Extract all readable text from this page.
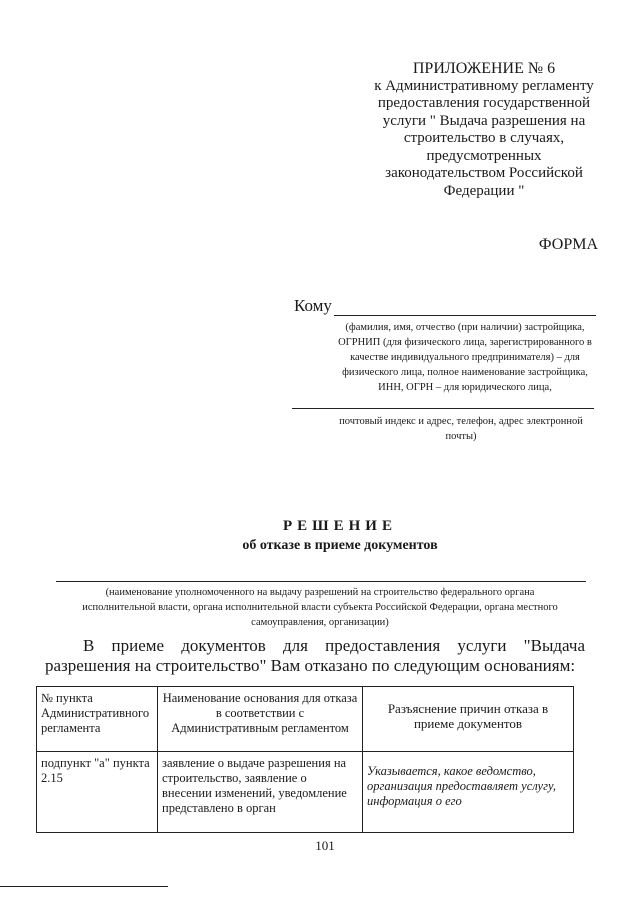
ПРИЛОЖЕНИЕ № 6
к Административному регламенту
предоставления государственной
услуги " Выдача разрешения на
строительство в случаях,
предусмотренных
законодательством Российской
Федерации "
ФОРМА
Кому
(фамилия, имя, отчество (при наличии) застройщика,
ОГРНИП (для физического лица, зарегистрированного в
качестве индивидуального предпринимателя) – для
физического лица, полное наименование застройщика,
ИНН, ОГРН – для юридического лица,
почтовый индекс и адрес, телефон, адрес электронной
почты)
РЕШЕНИЕ
об отказе в приеме документов
(наименование уполномоченного на выдачу разрешений на строительство федерального органа
исполнительной власти, органа исполнительной власти субъекта Российской Федерации, органа местного
самоуправления, организации)
В приеме документов для предоставления услуги "Выдача разрешения на строительство" Вам отказано по следующим основаниям:
№ пункта Административного регламента	Наименование основания для отказа в соответствии с Административным регламентом	Разъяснение причин отказа в приеме документов
подпункт "а" пункта 2.15	заявление о выдаче разрешения на строительство, заявление о внесении изменений, уведомление представлено в орган	Указывается, какое ведомство, организация предоставляет услугу, информация о его
101
